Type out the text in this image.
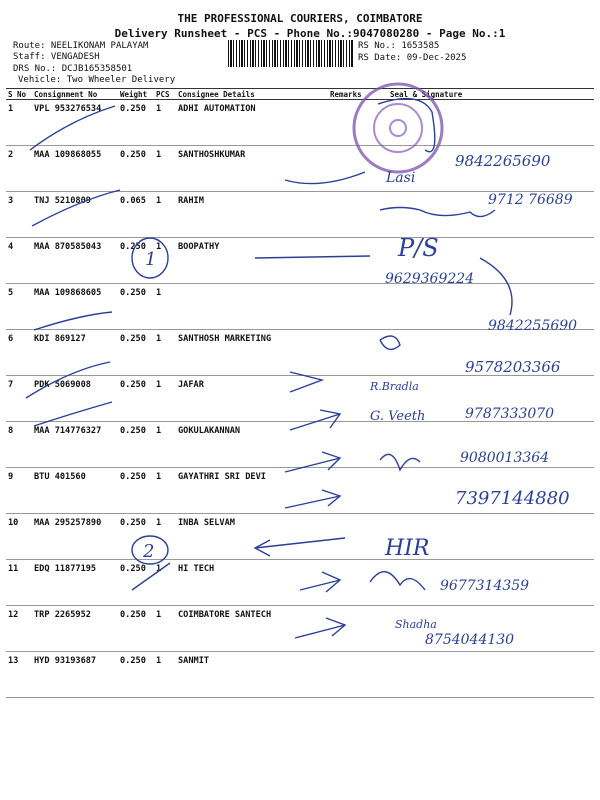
THE PROFESSIONAL COURIERS, COIMBATORE
Delivery Runsheet - PCS - Phone No.:9047080280 - Page No.:1
Route: NEELIKONAM PALAYAM
Staff: VENGADESH
DRS No.: DCJB165358501
Vehicle: Two Wheeler Delivery
RS No.: 1653585
RS Date: 09-Dec-2025
S No	Consignment No	Weight	PCS	Consignee Details	Remarks	Seal & Signature
1	VPL 953276534	0.250	1	ADHI AUTOMATION		
2	MAA 109868055	0.250	1	SANTHOSHKUMAR		
3	TNJ 5210809	0.065	1	RAHIM		
4	MAA 870585043	0.250	1	BOOPATHY		
5	MAA 109868605	0.250	1			
6	KDI 869127	0.250	1	SANTHOSH MARKETING		
7	PDK 5069008	0.250	1	JAFAR		
8	MAA 714776327	0.250	1	GOKULAKANNAN		
9	BTU 401560	0.250	1	GAYATHRI SRI DEVI		
10	MAA 295257890	0.250	1	INBA SELVAM		
11	EDQ 11877195	0.250	1	HI TECH		
12	TRP 2265952	0.250	1	COIMBATORE SANTECH		
13	HYD 93193687	0.250	1	SANMIT		
1
2
9842265690
Lasi
9712 76689
P/S
9629369224
9842255690
9578203366
R.Bradla
G. Veeth	9787333070
9080013364
7397144880
HIR
9677314359
Shadha
8754044130
